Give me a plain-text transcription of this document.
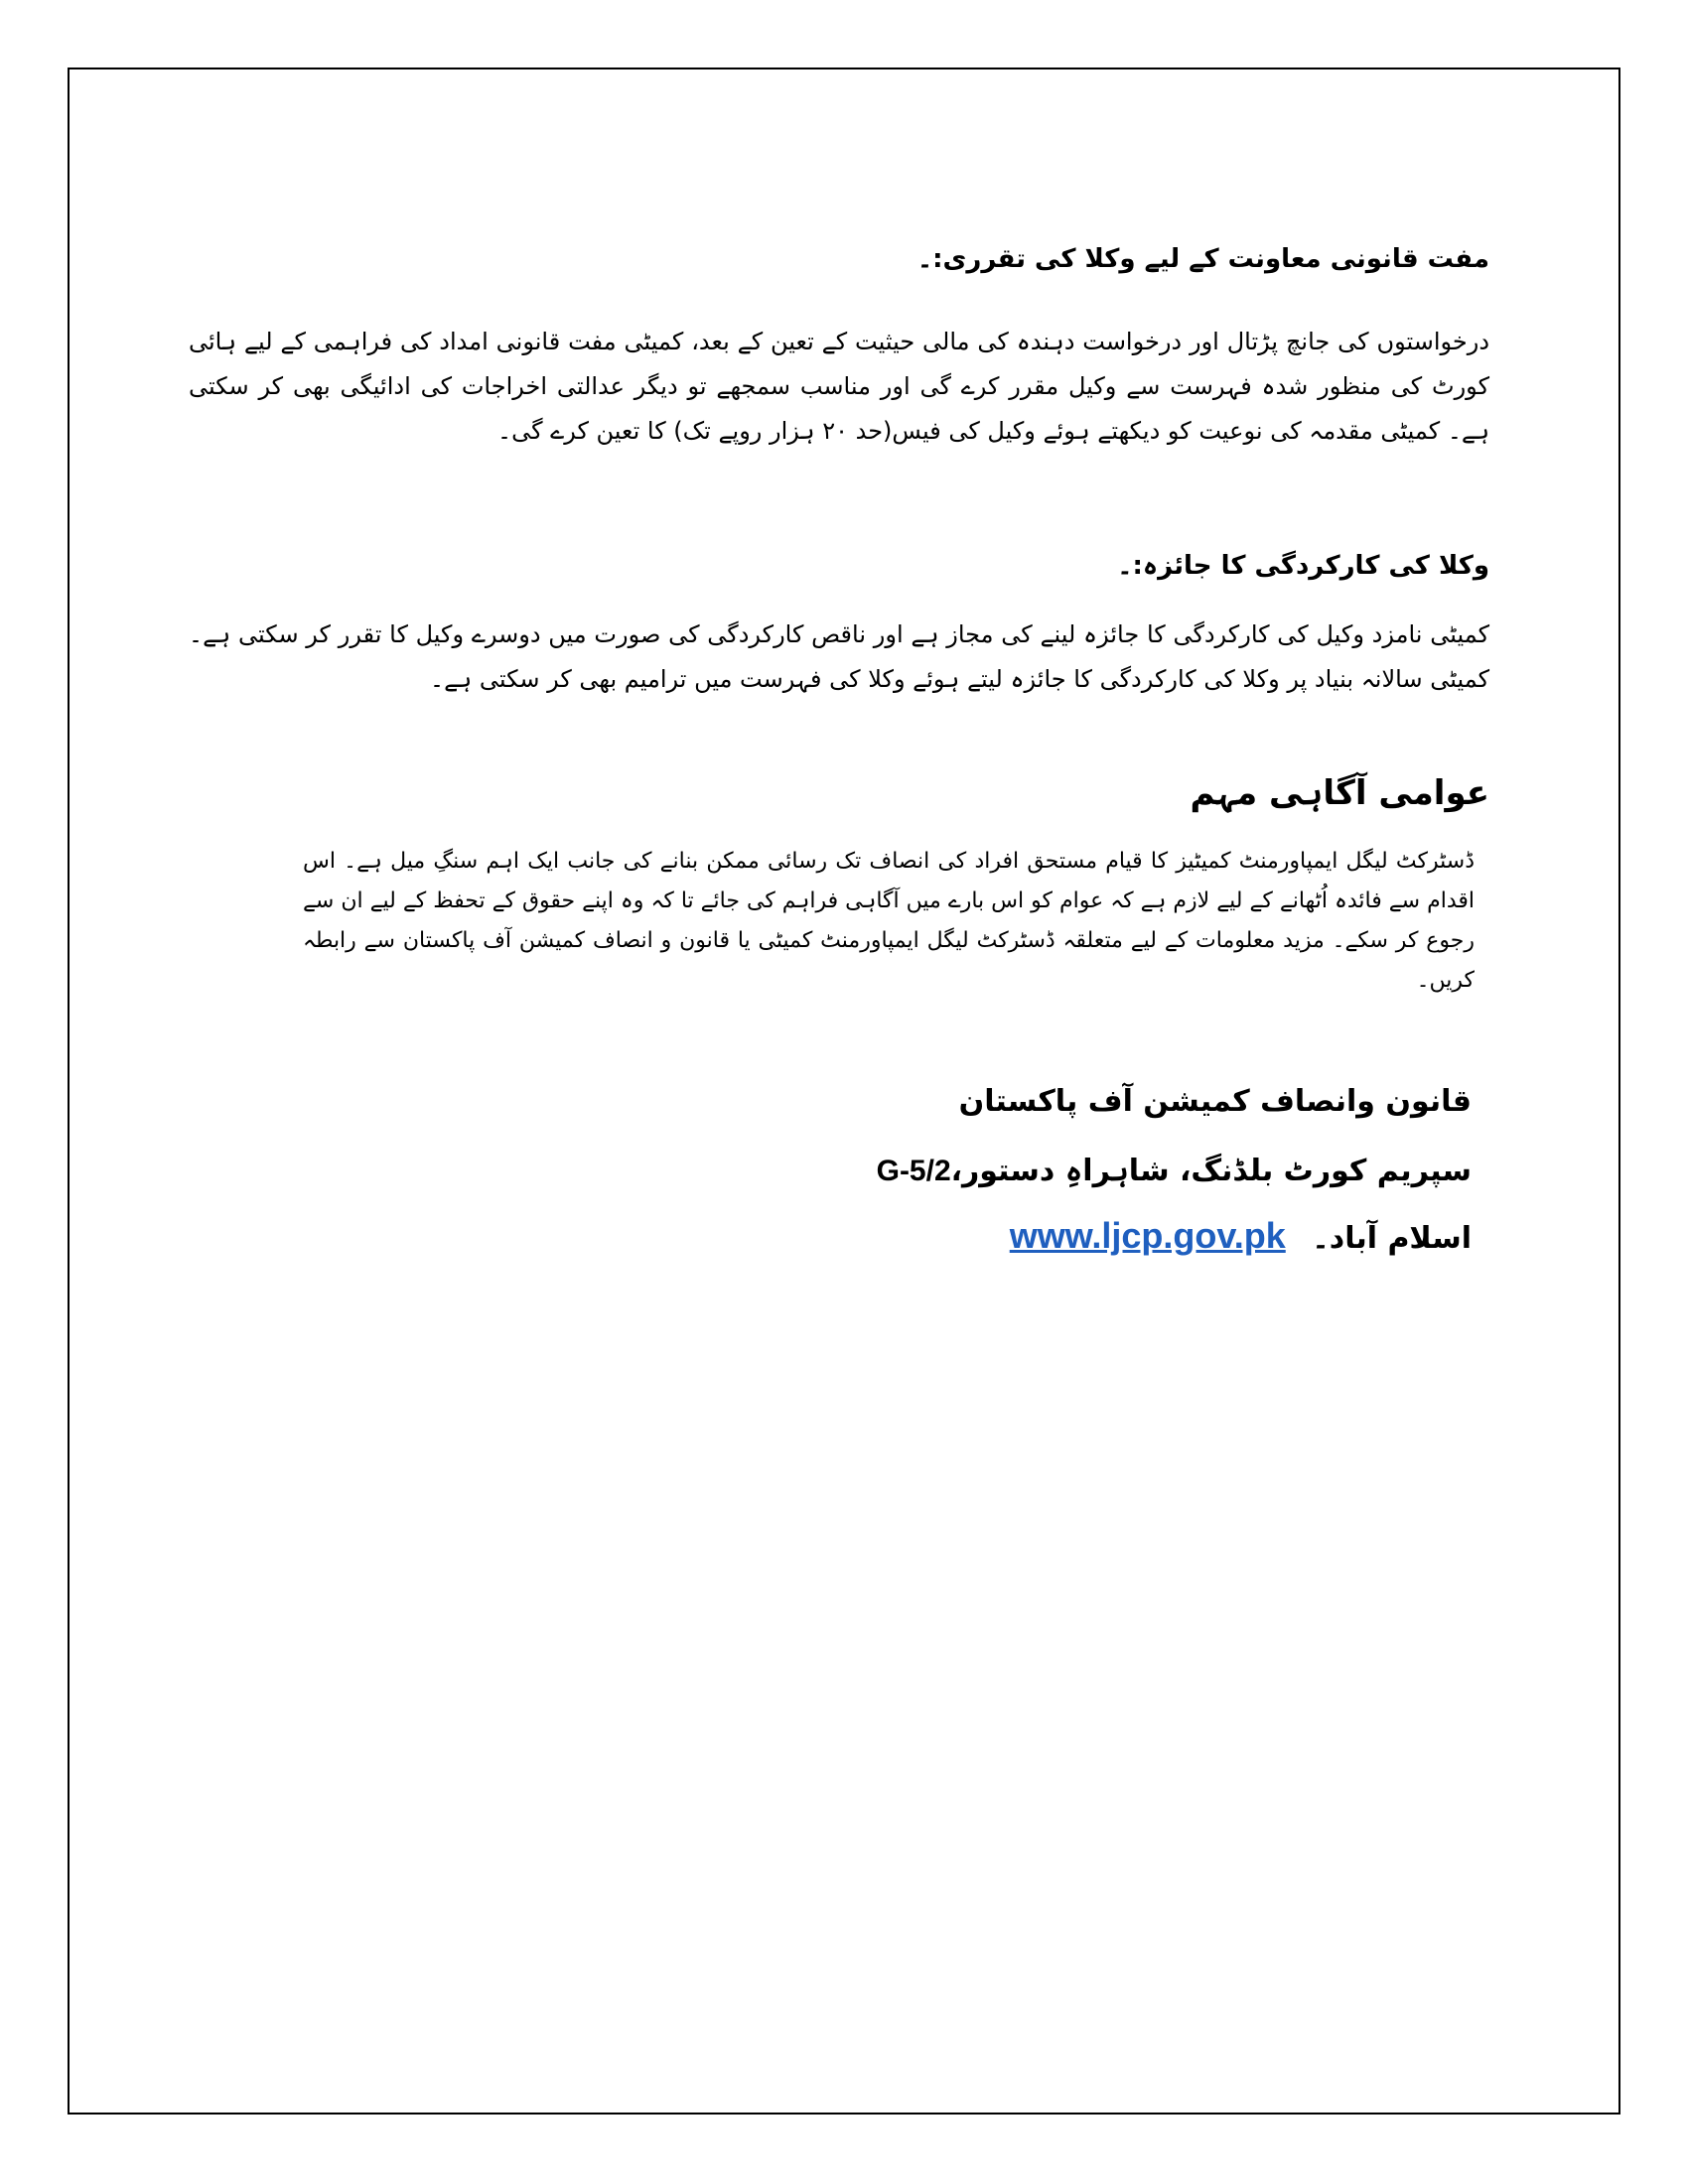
مفت قانونی معاونت کے لیے وکلا کی تقرری:۔

درخواستوں کی جانچ پڑتال اور درخواست دہندہ کی مالی حیثیت کے تعین کے بعد، کمیٹی مفت قانونی امداد کی فراہمی کے لیے ہائی کورٹ کی منظور شدہ فہرست سے وکیل مقرر کرے گی اور مناسب سمجھے تو دیگر عدالتی اخراجات کی ادائیگی بھی کر سکتی ہے۔ کمیٹی مقدمہ کی نوعیت کو دیکھتے ہوئے وکیل کی فیس(حد ۲۰ ہزار روپے تک) کا تعین کرے گی۔

وکلا کی کارکردگی کا جائزہ:۔

کمیٹی نامزد وکیل کی کارکردگی کا جائزہ لینے کی مجاز ہے اور ناقص کارکردگی کی صورت میں دوسرے وکیل کا تقرر کر سکتی ہے۔ کمیٹی سالانہ بنیاد پر وکلا کی کارکردگی کا جائزہ لیتے ہوئے وکلا کی فہرست میں ترامیم بھی کر سکتی ہے۔

عوامی آگاہی مہم

ڈسٹرکٹ لیگل ایمپاورمنٹ کمیٹیز کا قیام مستحق افراد کی انصاف تک رسائی ممکن بنانے کی جانب ایک اہم سنگِ میل ہے۔ اس اقدام سے فائدہ اُٹھانے کے لیے لازم ہے کہ عوام کو اس بارے میں آگاہی فراہم کی جائے تا کہ وہ اپنے حقوق کے تحفظ کے لیے ان سے رجوع کر سکے۔ مزید معلومات کے لیے متعلقہ ڈسٹرکٹ لیگل ایمپاورمنٹ کمیٹی یا قانون و انصاف کمیشن آف پاکستان سے رابطہ کریں۔

قانون وانصاف کمیشن آف پاکستان
سپریم کورٹ بلڈنگ، شاہراہِ دستور،G-5/2
اسلام آباد۔ www.ljcp.gov.pk
